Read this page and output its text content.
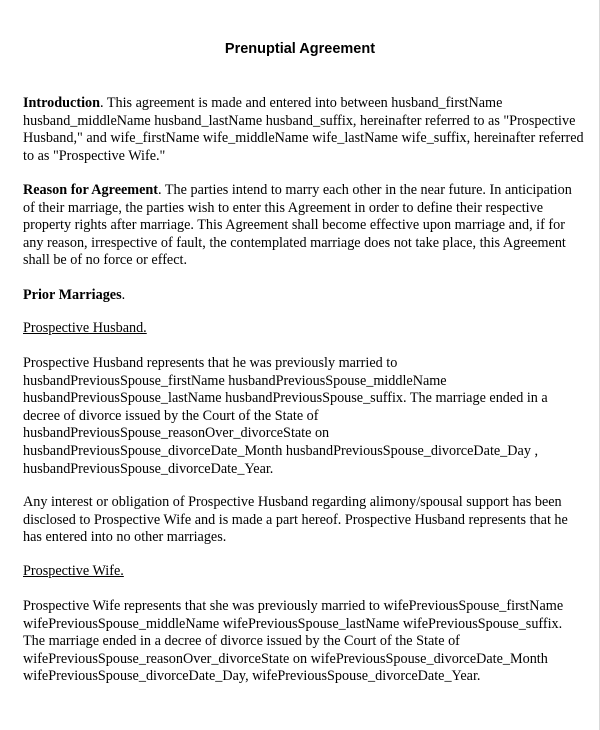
Prenuptial Agreement

Introduction. This agreement is made and entered into between husband_firstName husband_middleName husband_lastName husband_suffix, hereinafter referred to as "Prospective Husband," and wife_firstName wife_middleName wife_lastName wife_suffix, hereinafter referred to as "Prospective Wife."

Reason for Agreement. The parties intend to marry each other in the near future. In anticipation of their marriage, the parties wish to enter this Agreement in order to define their respective property rights after marriage. This Agreement shall become effective upon marriage and, if for any reason, irrespective of fault, the contemplated marriage does not take place, this Agreement shall be of no force or effect.

Prior Marriages.

Prospective Husband.

Prospective Husband represents that he was previously married to husbandPreviousSpouse_firstName husbandPreviousSpouse_middleName husbandPreviousSpouse_lastName husbandPreviousSpouse_suffix. The marriage ended in a decree of divorce issued by the Court of the State of husbandPreviousSpouse_reasonOver_divorceState on husbandPreviousSpouse_divorceDate_Month husbandPreviousSpouse_divorceDate_Day , husbandPreviousSpouse_divorceDate_Year.

Any interest or obligation of Prospective Husband regarding alimony/spousal support has been disclosed to Prospective Wife and is made a part hereof. Prospective Husband represents that he has entered into no other marriages.

Prospective Wife.

Prospective Wife represents that she was previously married to wifePreviousSpouse_firstName wifePreviousSpouse_middleName wifePreviousSpouse_lastName wifePreviousSpouse_suffix. The marriage ended in a decree of divorce issued by the Court of the State of wifePreviousSpouse_reasonOver_divorceState on wifePreviousSpouse_divorceDate_Month wifePreviousSpouse_divorceDate_Day, wifePreviousSpouse_divorceDate_Year.
